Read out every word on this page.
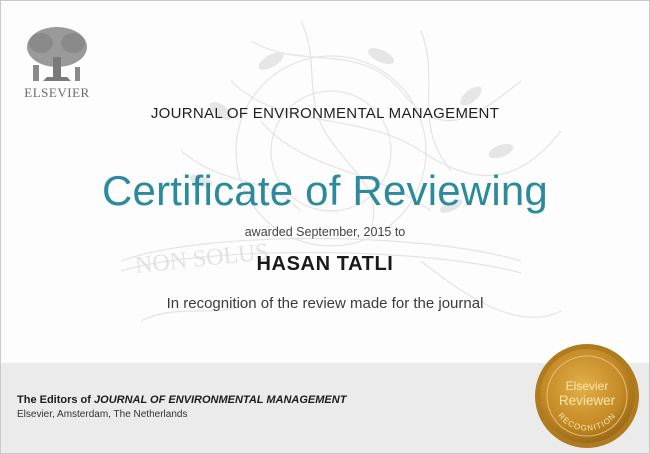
NON SOLUS
ELSEVIER
JOURNAL OF ENVIRONMENTAL MANAGEMENT
Certificate of Reviewing
awarded September, 2015 to
HASAN TATLI
In recognition of the review made for the journal
The Editors of JOURNAL OF ENVIRONMENTAL MANAGEMENT
Elsevier, Amsterdam, The Netherlands	RECOGNITION
Elsevier
Reviewer
